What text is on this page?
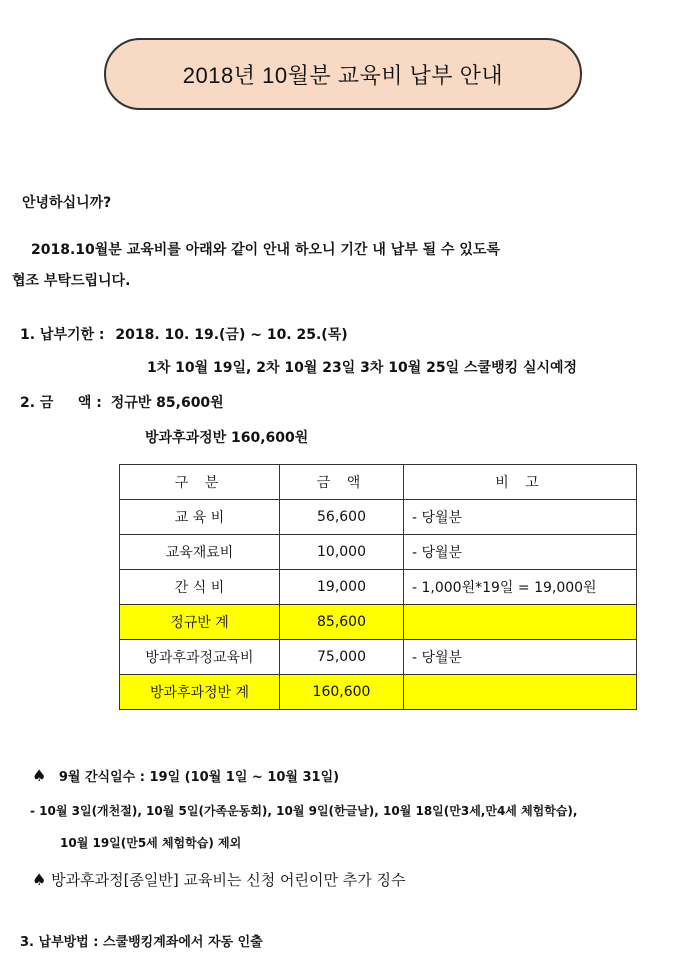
2018년 10월분 교육비 납부 안내
안녕하십니까?
2018.10월분 교육비를 아래와 같이 안내 하오니 기간 내 납부 될 수 있도록
협조 부탁드립니다.
1. 납부기한 : 2018. 10. 19.(금) ~ 10. 25.(목)
1차 10월 19일, 2차 10월 23일 3차 10월 25일 스쿨뱅킹 실시예정
2. 금     액 : 정규반 85,600원
방과후과정반 160,600원
구 분	금 액	비 고
교 육 비	56,600	- 당월분
교육재료비	10,000	- 당월분
간 식 비	19,000	- 1,000원*19일 = 19,000원
정규반 계	85,600	
방과후과정교육비	75,000	- 당월분
방과후과정반 계	160,600	
♠ 9월 간식일수 : 19일 (10월 1일 ~ 10월 31일)
- 10월 3일(개천절), 10월 5일(가족운동회), 10월 9일(한글날), 10월 18일(만3세,만4세 체험학습),
10월 19일(만5세 체험학습) 제외
♠ 방과후과정[종일반] 교육비는 신청 어린이만 추가 징수
3. 납부방법 : 스쿨뱅킹계좌에서 자동 인출
